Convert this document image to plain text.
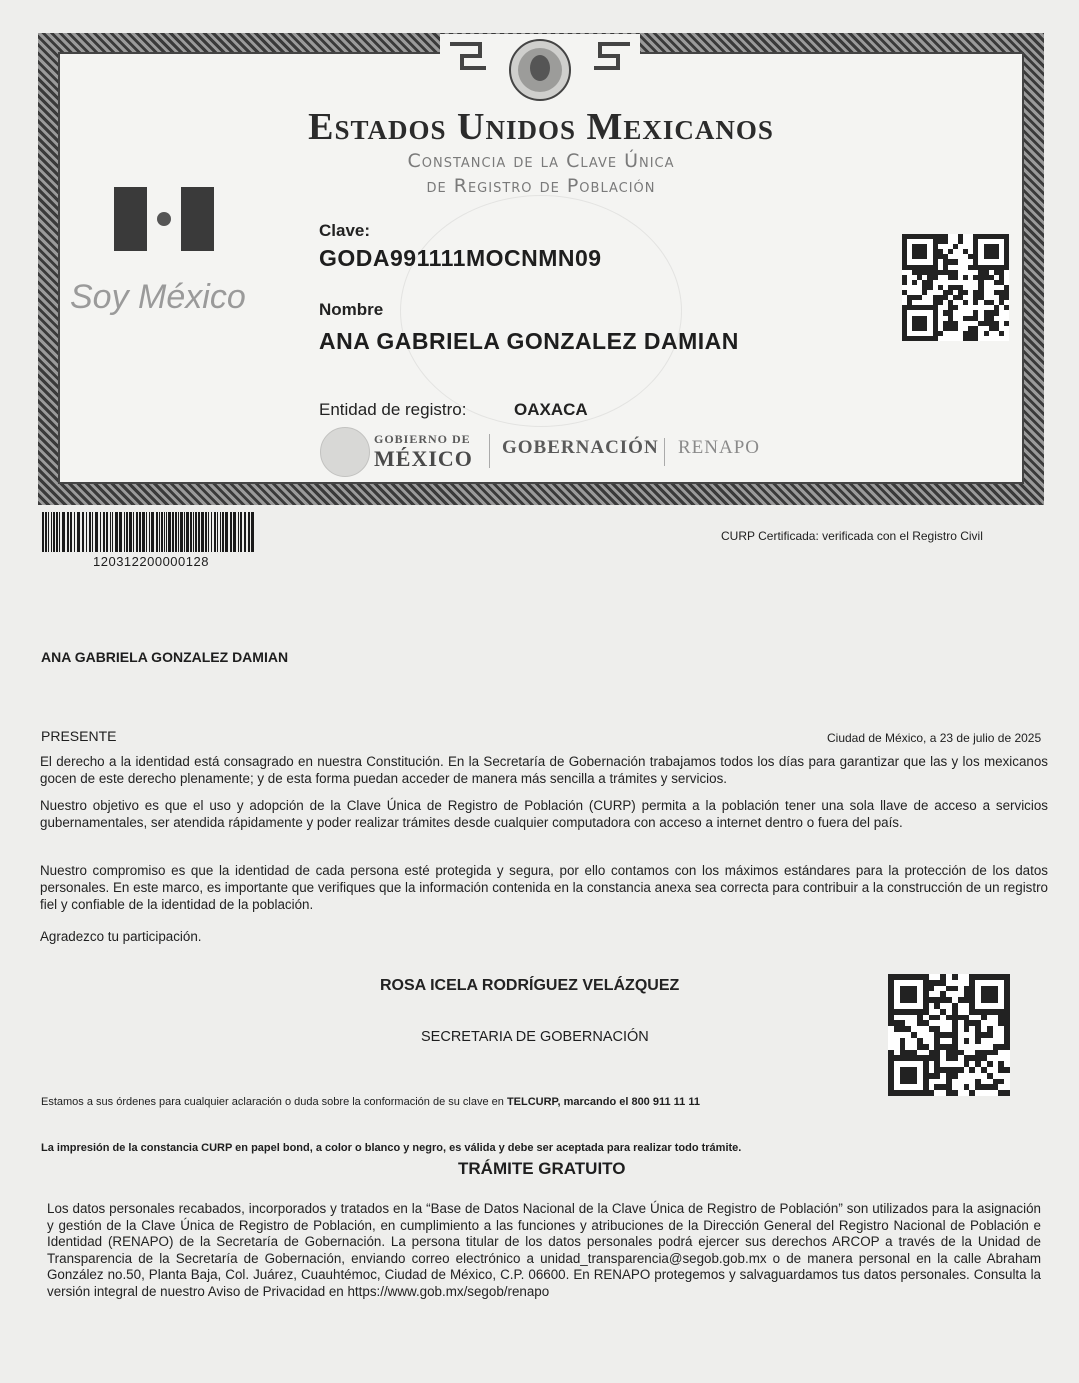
Estados Unidos Mexicanos
Constancia de la Clave Única
de Registro de Población
Soy México
Clave:
GODA991111MOCNMN09
Nombre
ANA GABRIELA GONZALEZ DAMIAN
Entidad de registro:	OAXACA
GOBIERNO DE
MÉXICO GOBERNACIÓN RENAPO
120312200000128
CURP Certificada: verificada con el Registro Civil
ANA GABRIELA GONZALEZ DAMIAN
PRESENTE	Ciudad de México, a 23 de julio de 2025
El derecho a la identidad está consagrado en nuestra Constitución. En la Secretaría de Gobernación trabajamos todos los días para garantizar que las y los mexicanos gocen de este derecho plenamente; y de esta forma puedan acceder de manera más sencilla a trámites y servicios.
Nuestro objetivo es que el uso y adopción de la Clave Única de Registro de Población (CURP) permita a la población tener una sola llave de acceso a servicios gubernamentales, ser atendida rápidamente y poder realizar trámites desde cualquier computadora con acceso a internet dentro o fuera del país.
Nuestro compromiso es que la identidad de cada persona esté protegida y segura, por ello contamos con los máximos estándares para la protección de los datos personales. En este marco, es importante que verifiques que la información contenida en la constancia anexa sea correcta para contribuir a la construcción de un registro fiel y confiable de la identidad de la población.
Agradezco tu participación.
ROSA ICELA RODRÍGUEZ VELÁZQUEZ
SECRETARIA DE GOBERNACIÓN
Estamos a sus órdenes para cualquier aclaración o duda sobre la conformación de su clave en TELCURP, marcando el 800 911 11 11
La impresión de la constancia CURP en papel bond, a color o blanco y negro, es válida y debe ser aceptada para realizar todo trámite.
TRÁMITE GRATUITO
Los datos personales recabados, incorporados y tratados en la “Base de Datos Nacional de la Clave Única de Registro de Población” son utilizados para la asignación y gestión de la Clave Única de Registro de Población, en cumplimiento a las funciones y atribuciones de la Dirección General del Registro Nacional de Población e Identidad (RENAPO) de la Secretaría de Gobernación. La persona titular de los datos personales podrá ejercer sus derechos ARCOP a través de la Unidad de Transparencia de la Secretaría de Gobernación, enviando correo electrónico a unidad_transparencia@segob.gob.mx o de manera personal en la calle Abraham González no.50, Planta Baja, Col. Juárez, Cuauhtémoc, Ciudad de México, C.P. 06600. En RENAPO protegemos y salvaguardamos tus datos personales. Consulta la versión integral de nuestro Aviso de Privacidad en https://www.gob.mx/segob/renapo
